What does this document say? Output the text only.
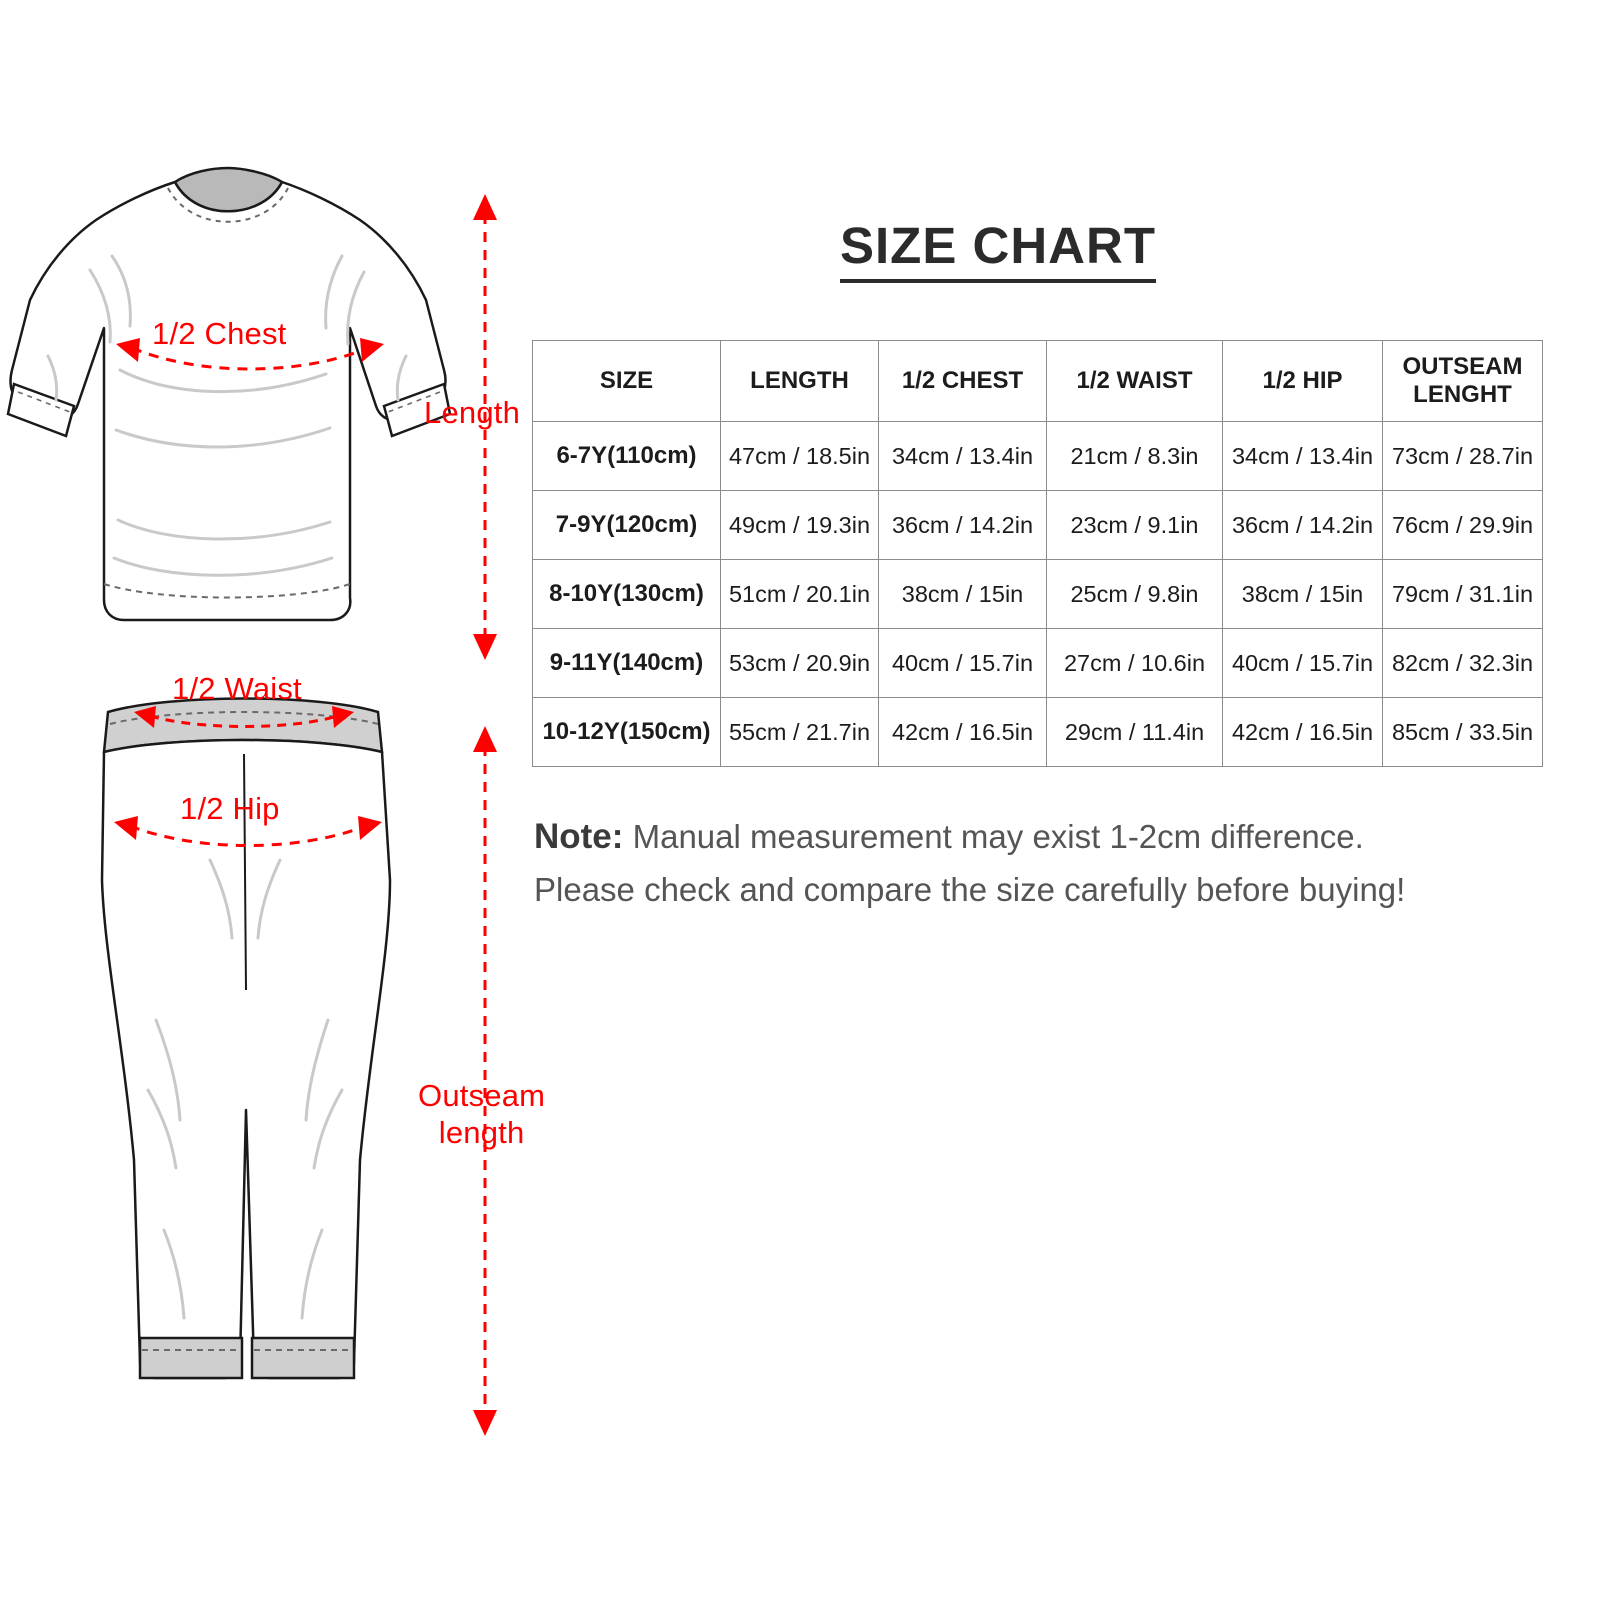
1/2 Chest
Length
1/2 Waist
1/2 Hip
Outseam
length
SIZE CHART
SIZE	LENGTH	1/2 CHEST	1/2 WAIST	1/2 HIP	OUTSEAM
LENGHT
6-7Y(110cm)	47cm / 18.5in	34cm / 13.4in	21cm / 8.3in	34cm / 13.4in	73cm / 28.7in
7-9Y(120cm)	49cm / 19.3in	36cm / 14.2in	23cm / 9.1in	36cm / 14.2in	76cm / 29.9in
8-10Y(130cm)	51cm / 20.1in	38cm / 15in	25cm / 9.8in	38cm / 15in	79cm / 31.1in
9-11Y(140cm)	53cm / 20.9in	40cm / 15.7in	27cm / 10.6in	40cm / 15.7in	82cm / 32.3in
10-12Y(150cm)	55cm / 21.7in	42cm / 16.5in	29cm / 11.4in	42cm / 16.5in	85cm / 33.5in
Note: Manual measurement may exist 1-2cm difference.
Please check and compare the size carefully before buying!
